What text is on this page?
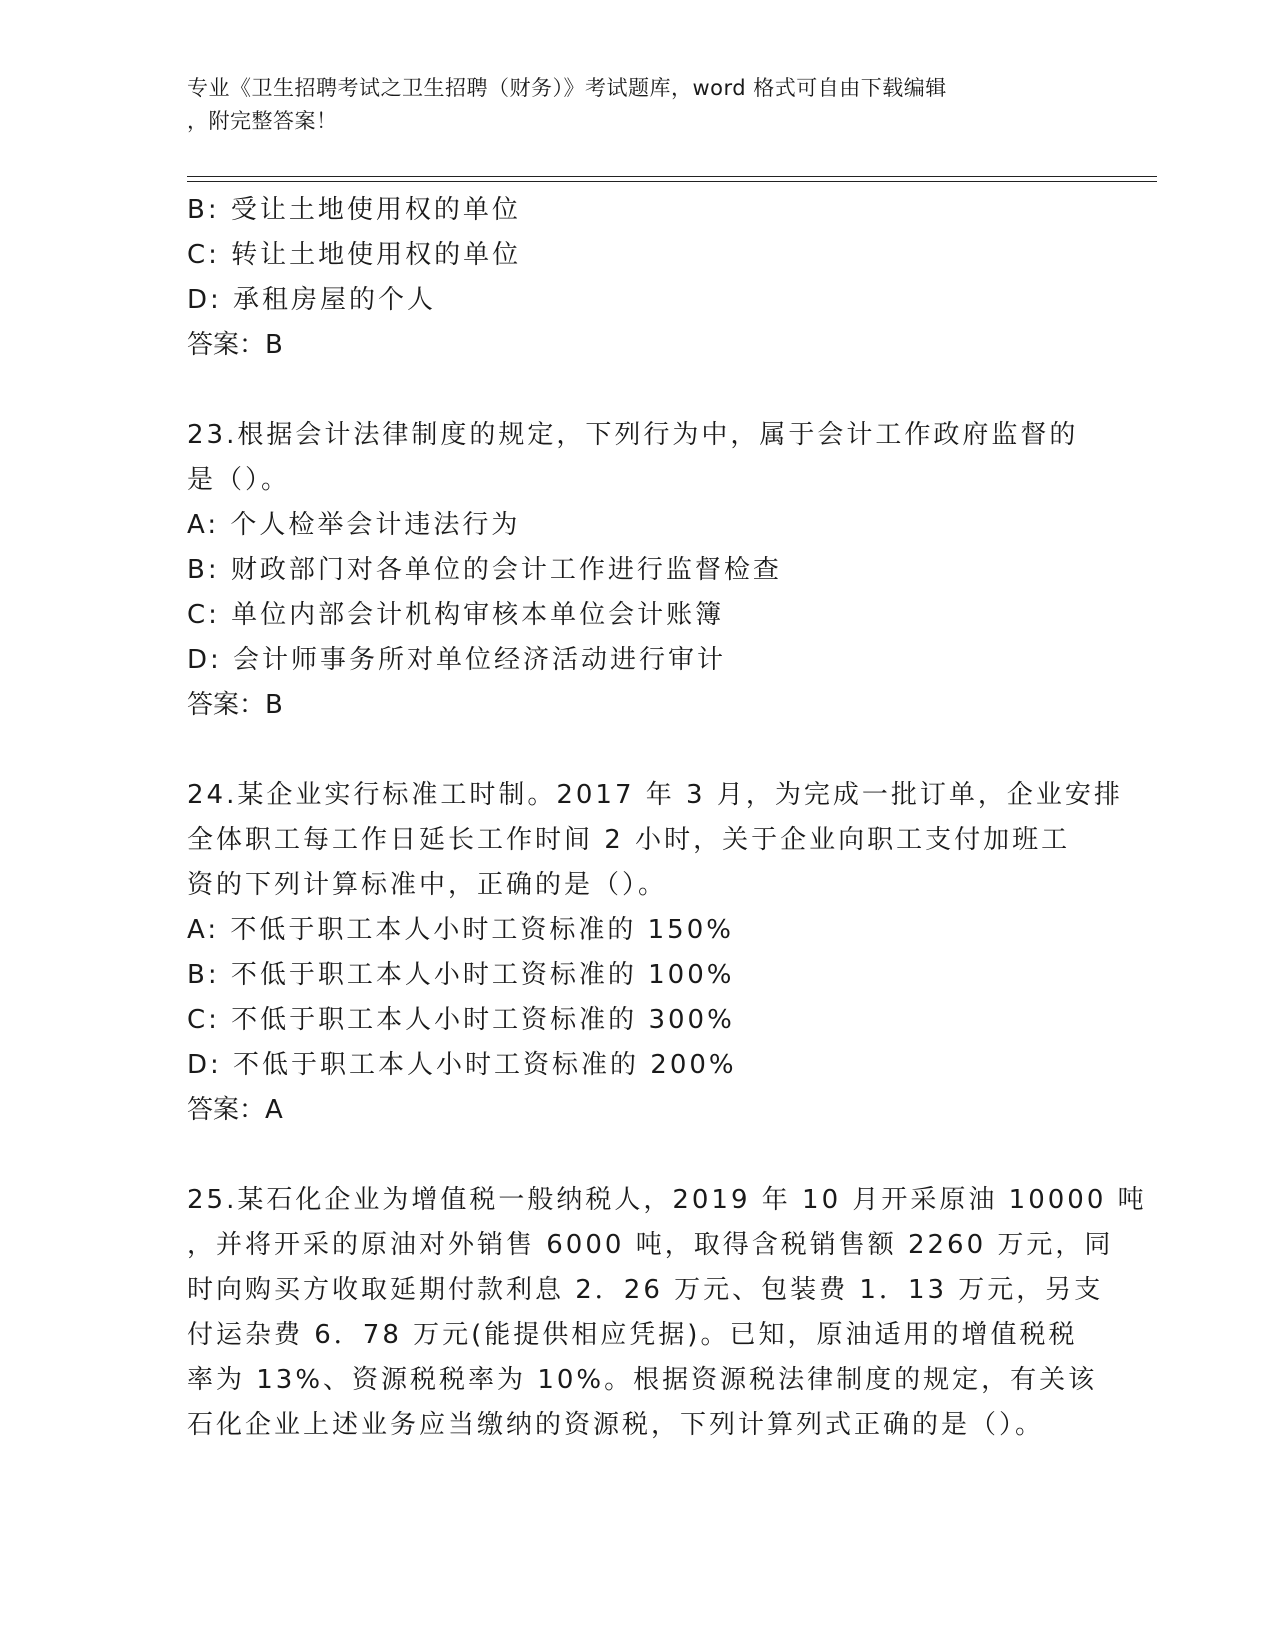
专业《卫生招聘考试之卫生招聘（财务）》考试题库，word 格式可自由下载编辑
，附完整答案！
B: 受让土地使用权的单位
C: 转让土地使用权的单位
D: 承租房屋的个人
答案：B
23.根据会计法律制度的规定，下列行为中，属于会计工作政府监督的
是（）。
A: 个人检举会计违法行为
B: 财政部门对各单位的会计工作进行监督检查
C: 单位内部会计机构审核本单位会计账簿
D: 会计师事务所对单位经济活动进行审计
答案：B
24.某企业实行标准工时制。2017 年 3 月，为完成一批订单，企业安排
全体职工每工作日延长工作时间 2 小时，关于企业向职工支付加班工
资的下列计算标准中，正确的是（）。
A: 不低于职工本人小时工资标准的 150%
B: 不低于职工本人小时工资标准的 100%
C: 不低于职工本人小时工资标准的 300%
D: 不低于职工本人小时工资标准的 200%
答案：A
25.某石化企业为增值税一般纳税人，2019 年 10 月开采原油 10000 吨
，并将开采的原油对外销售 6000 吨，取得含税销售额 2260 万元，同
时向购买方收取延期付款利息 2．26 万元、包装费 1．13 万元，另支
付运杂费 6．78 万元(能提供相应凭据)。已知，原油适用的增值税税
率为 13%、资源税税率为 10%。根据资源税法律制度的规定，有关该
石化企业上述业务应当缴纳的资源税，下列计算列式正确的是（）。
